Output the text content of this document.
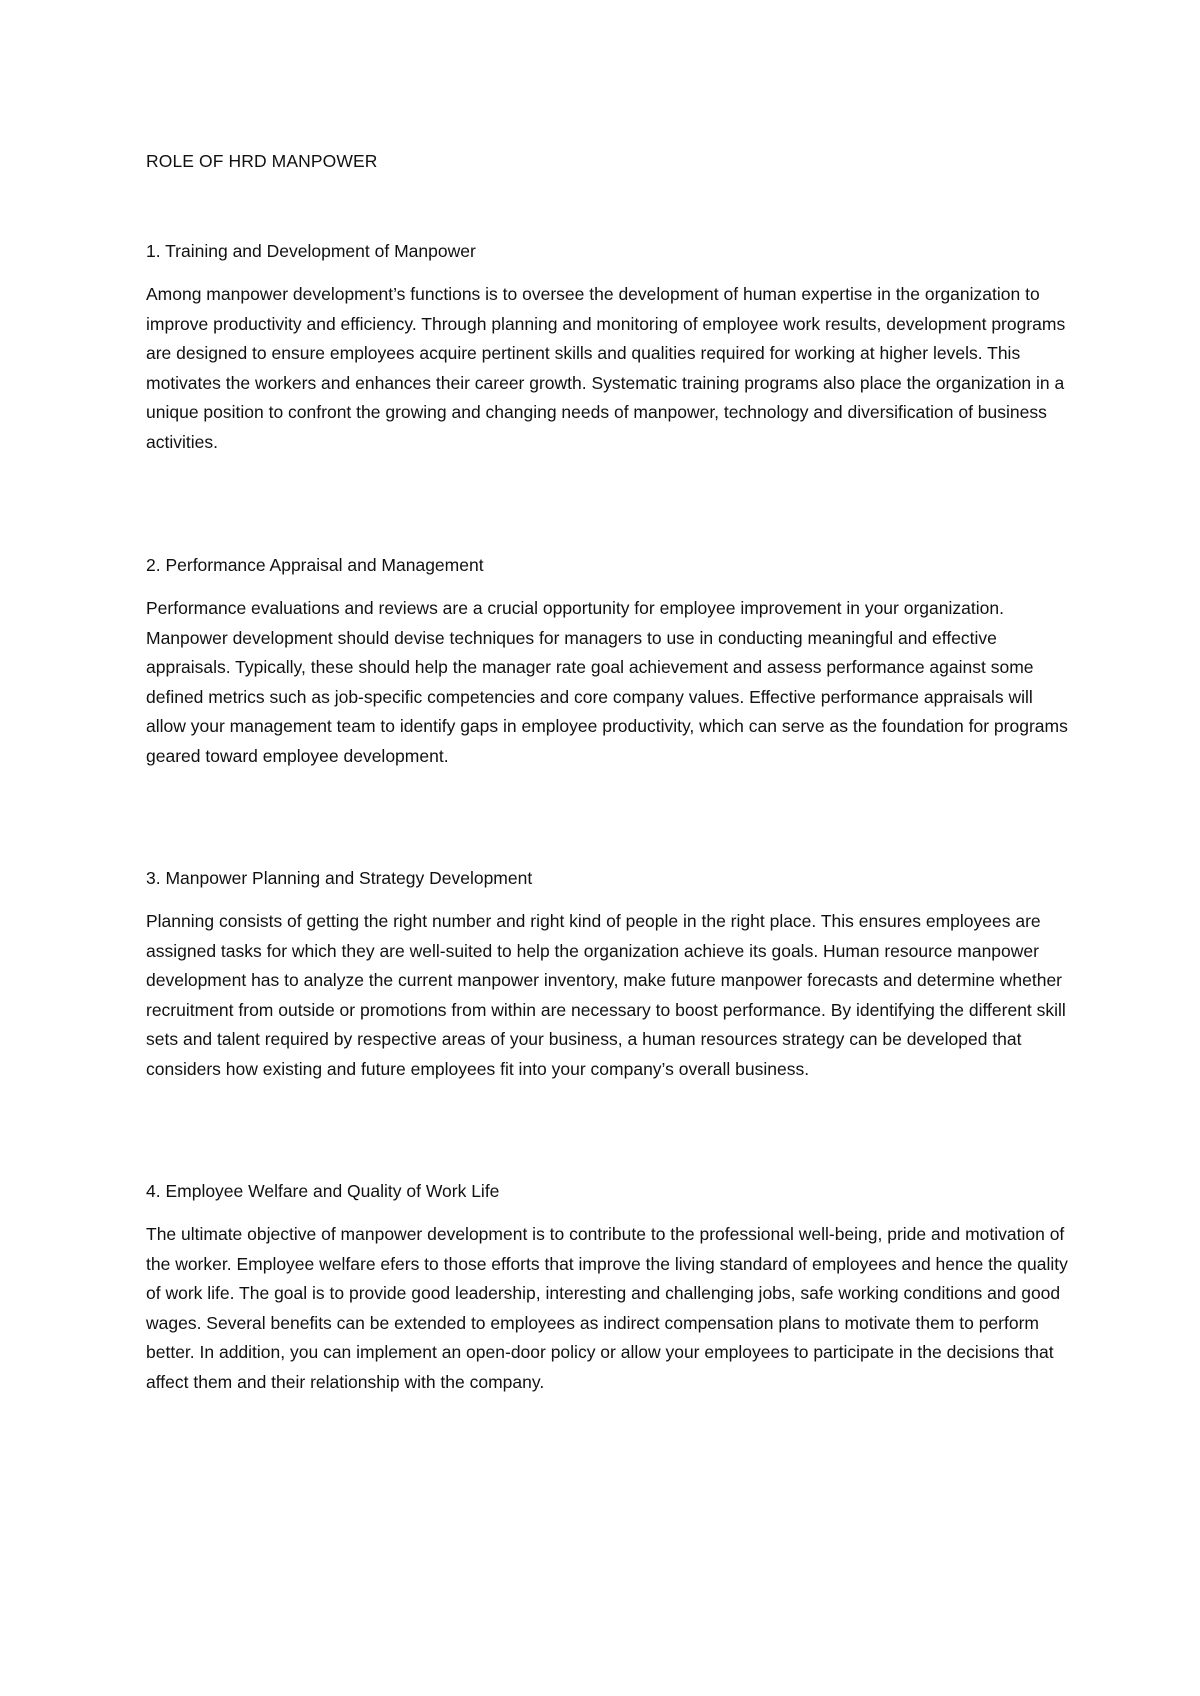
ROLE OF HRD MANPOWER
1. Training and Development of Manpower

Among manpower development’s functions is to oversee the development of human expertise in the organization to improve productivity and efficiency. Through planning and monitoring of employee work results, development programs are designed to ensure employees acquire pertinent skills and qualities required for working at higher levels. This motivates the workers and enhances their career growth. Systematic training programs also place the organization in a unique position to confront the growing and changing needs of manpower, technology and diversification of business activities.

2. Performance Appraisal and Management

Performance evaluations and reviews are a crucial opportunity for employee improvement in your organization. Manpower development should devise techniques for managers to use in conducting meaningful and effective appraisals. Typically, these should help the manager rate goal achievement and assess performance against some defined metrics such as job-specific competencies and core company values. Effective performance appraisals will allow your management team to identify gaps in employee productivity, which can serve as the foundation for programs geared toward employee development.

3. Manpower Planning and Strategy Development

Planning consists of getting the right number and right kind of people in the right place. This ensures employees are assigned tasks for which they are well-suited to help the organization achieve its goals. Human resource manpower development has to analyze the current manpower inventory, make future manpower forecasts and determine whether recruitment from outside or promotions from within are necessary to boost performance. By identifying the different skill sets and talent required by respective areas of your business, a human resources strategy can be developed that considers how existing and future employees fit into your company’s overall business.

4. Employee Welfare and Quality of Work Life

The ultimate objective of manpower development is to contribute to the professional well-being, pride and motivation of the worker. Employee welfare efers to those efforts that improve the living standard of employees and hence the quality of work life. The goal is to provide good leadership, interesting and challenging jobs, safe working conditions and good wages. Several benefits can be extended to employees as indirect compensation plans to motivate them to perform better. In addition, you can implement an open-door policy or allow your employees to participate in the decisions that affect them and their relationship with the company.
